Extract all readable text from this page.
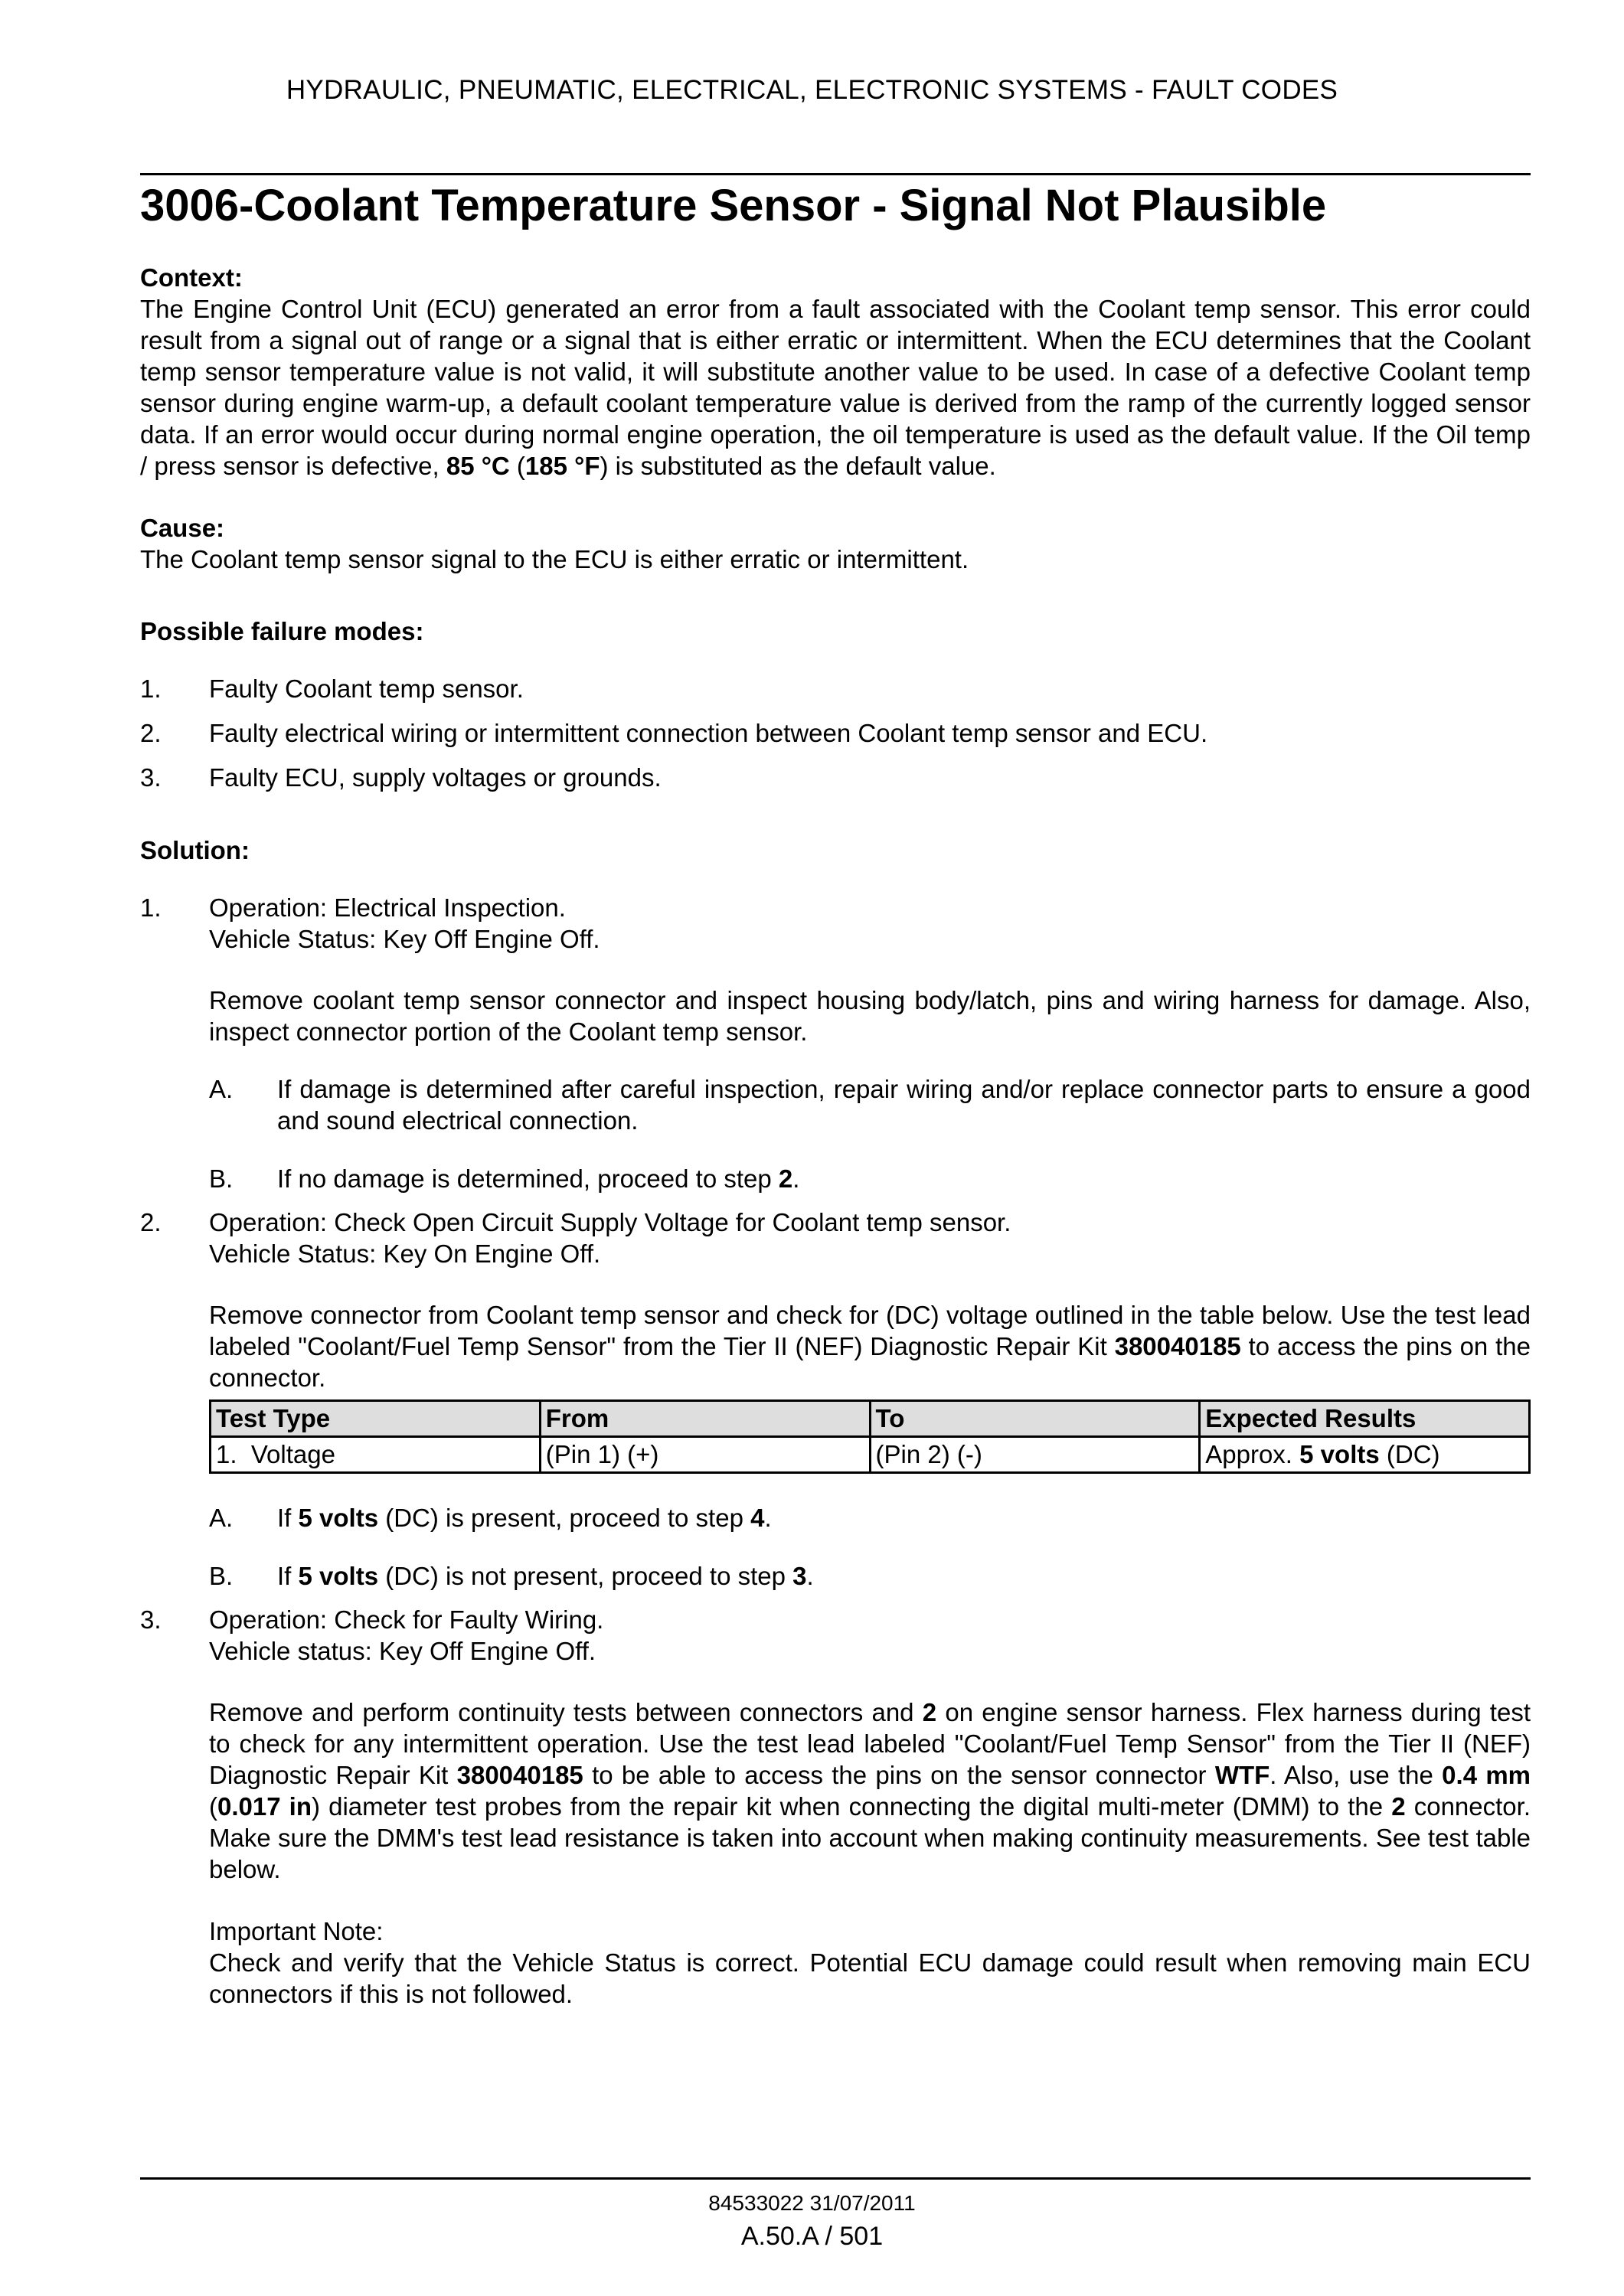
HYDRAULIC, PNEUMATIC, ELECTRICAL, ELECTRONIC SYSTEMS - FAULT CODES
3006-Coolant Temperature Sensor - Signal Not Plausible
Context:
The Engine Control Unit (ECU) generated an error from a fault associated with the Coolant temp sensor. This error could result from a signal out of range or a signal that is either erratic or intermittent. When the ECU determines that the Coolant temp sensor temperature value is not valid, it will substitute another value to be used. In case of a defective Coolant temp sensor during engine warm-up, a default coolant temperature value is derived from the ramp of the currently logged sensor data. If an error would occur during normal engine operation, the oil temperature is used as the default value. If the Oil temp / press sensor is defective, 85 °C (185 °F) is substituted as the default value.
Cause:
The Coolant temp sensor signal to the ECU is either erratic or intermittent.
Possible failure modes:
1.	Faulty Coolant temp sensor.
2.	Faulty electrical wiring or intermittent connection between Coolant temp sensor and ECU.
3.	Faulty ECU, supply voltages or grounds.
Solution:
1.	Operation: Electrical Inspection.
Vehicle Status: Key Off Engine Off.
Remove coolant temp sensor connector and inspect housing body/latch, pins and wiring harness for damage. Also, inspect connector portion of the Coolant temp sensor.
A.	If damage is determined after careful inspection, repair wiring and/or replace connector parts to ensure a good and sound electrical connection.
B.	If no damage is determined, proceed to step 2.
2.	Operation: Check Open Circuit Supply Voltage for Coolant temp sensor.
Vehicle Status: Key On Engine Off.
Remove connector from Coolant temp sensor and check for (DC) voltage outlined in the table below. Use the test lead labeled "Coolant/Fuel Temp Sensor" from the Tier II (NEF) Diagnostic Repair Kit 380040185 to access the pins on the connector.
Test Type	From	To	Expected Results
1.  Voltage	(Pin 1) (+)	(Pin 2) (-)	Approx. 5 volts (DC)
A.	If 5 volts (DC) is present, proceed to step 4.
B.	If 5 volts (DC) is not present, proceed to step 3.
3.	Operation: Check for Faulty Wiring.
Vehicle status: Key Off Engine Off.
Remove and perform continuity tests between connectors and 2 on engine sensor harness. Flex harness during test to check for any intermittent operation. Use the test lead labeled "Coolant/Fuel Temp Sensor" from the Tier II (NEF) Diagnostic Repair Kit 380040185 to be able to access the pins on the sensor connector WTF. Also, use the 0.4 mm (0.017 in) diameter test probes from the repair kit when connecting the digital multi-meter (DMM) to the 2 connector. Make sure the DMM's test lead resistance is taken into account when making continuity measurements. See test table below.
Important Note:
Check and verify that the Vehicle Status is correct. Potential ECU damage could result when removing main ECU connectors if this is not followed.
84533022 31/07/2011
A.50.A / 501
